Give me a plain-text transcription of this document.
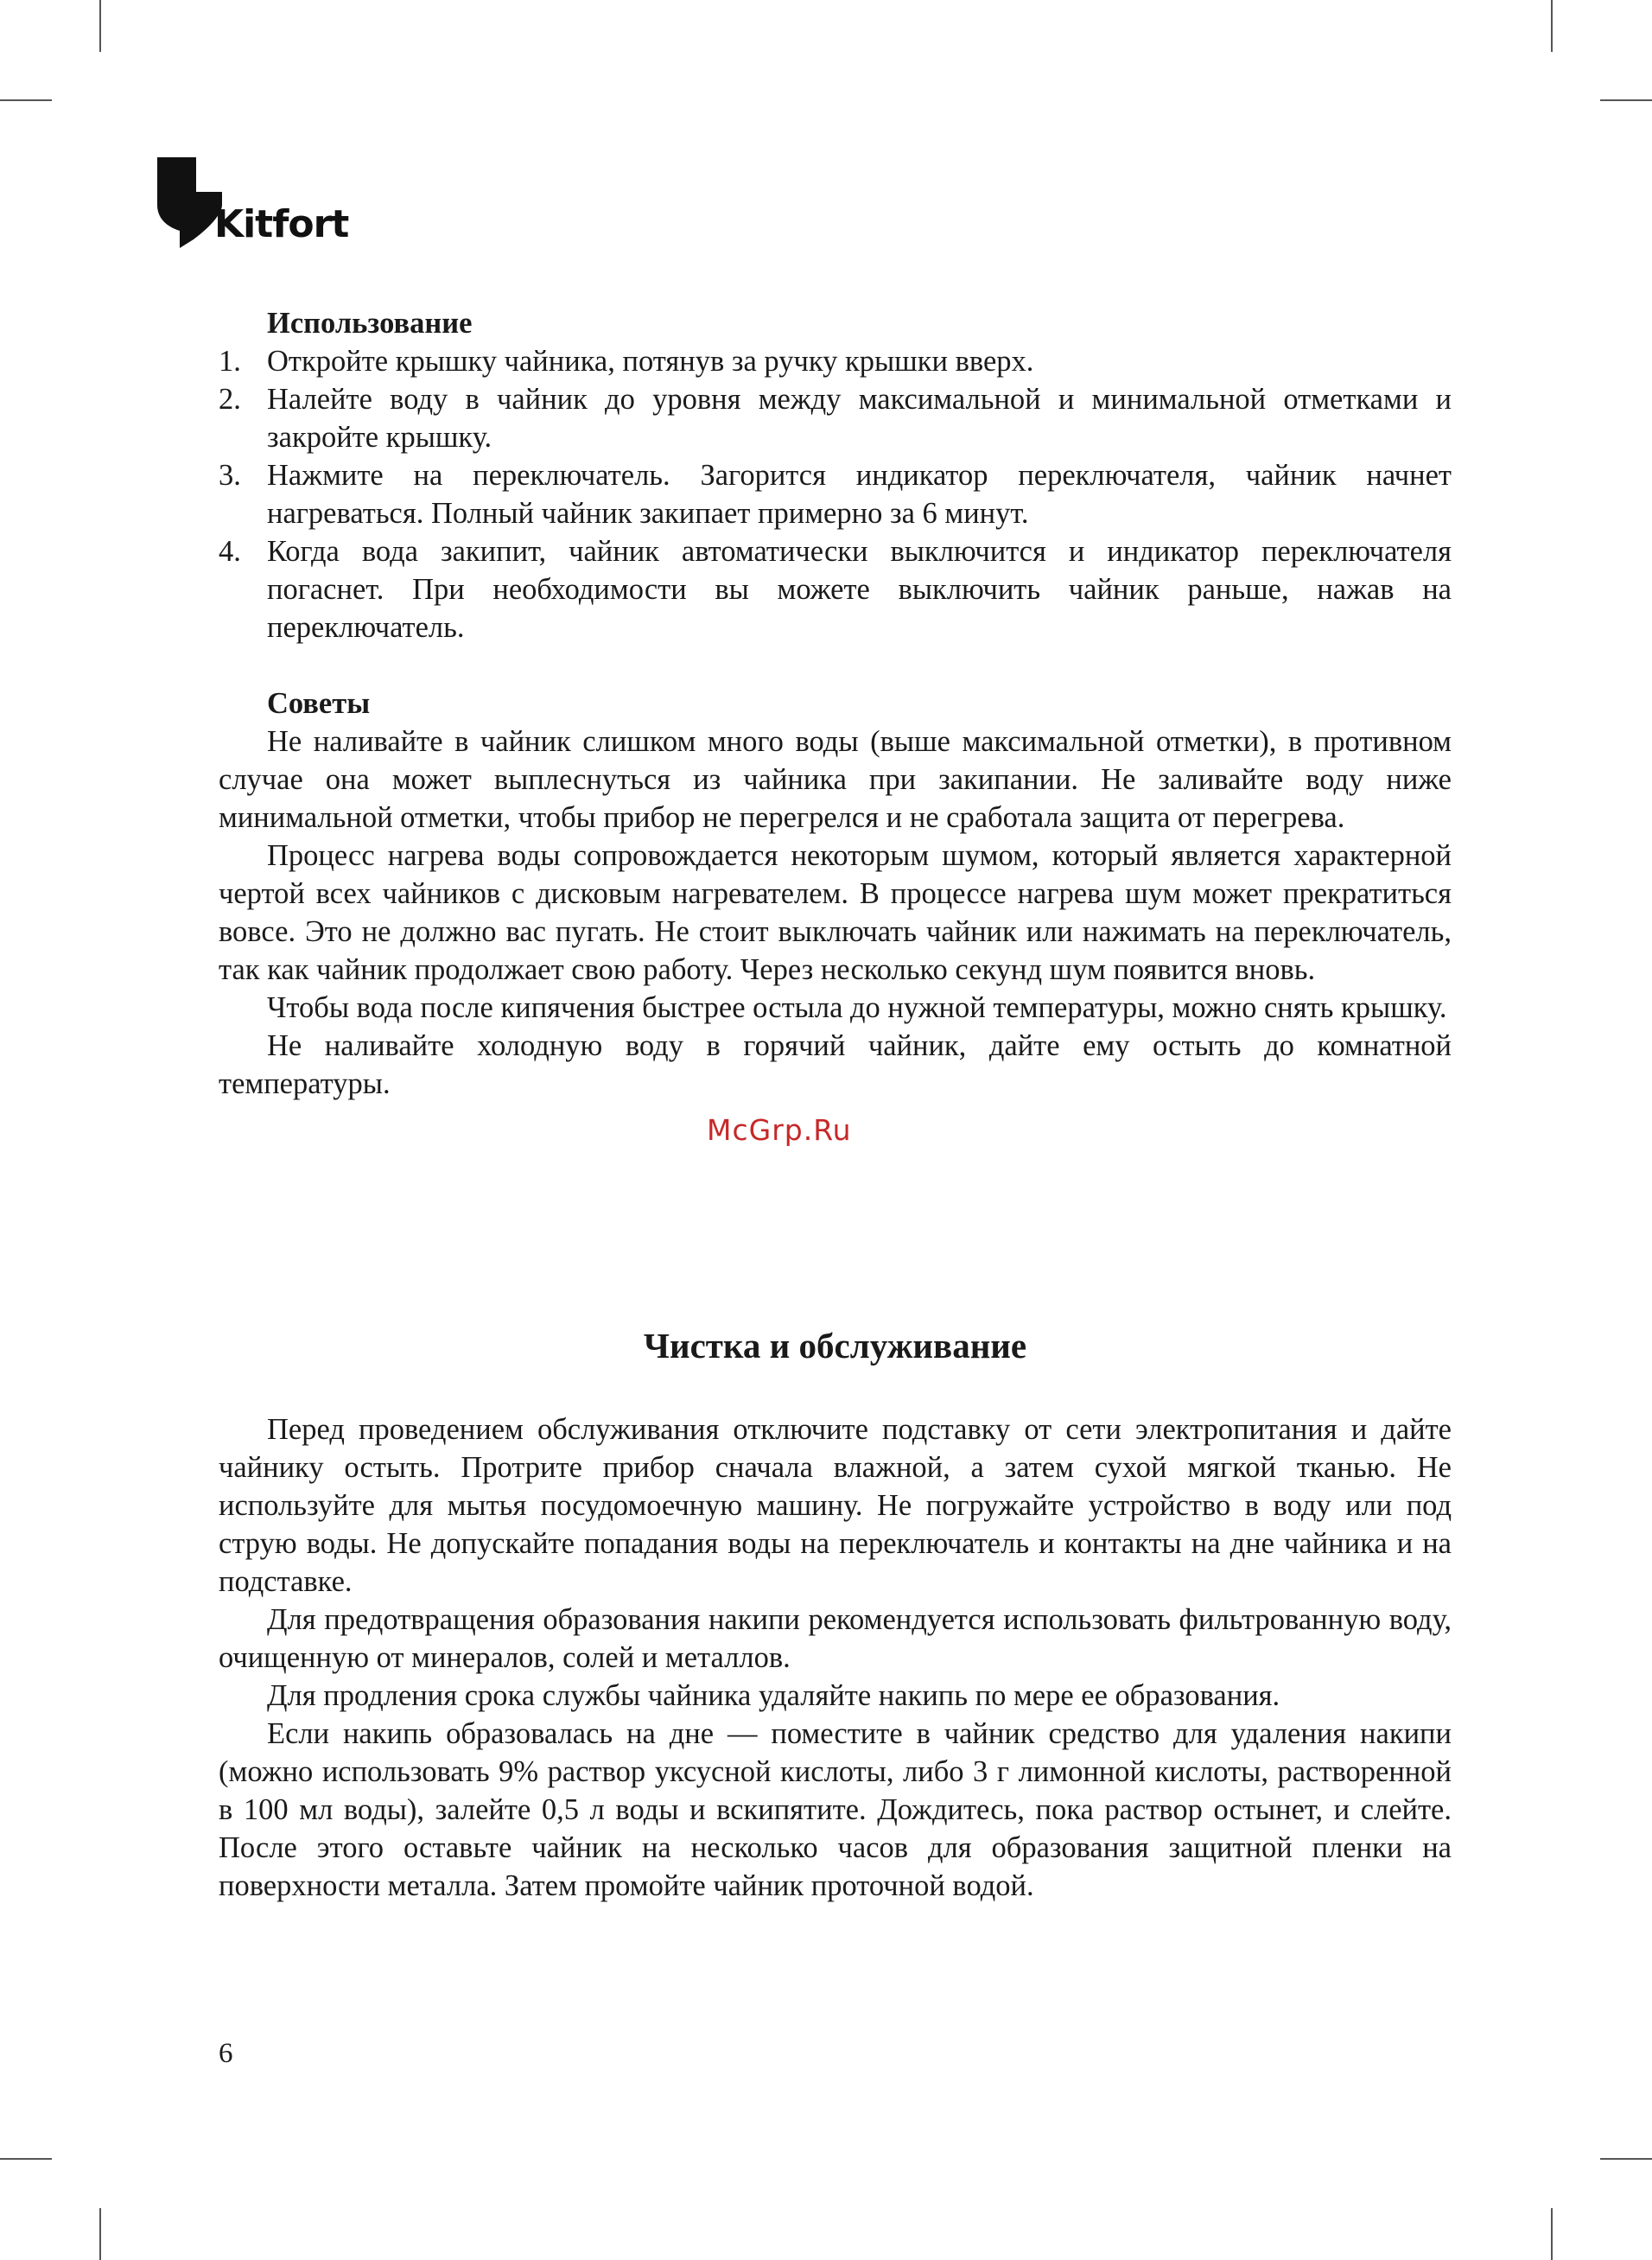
Kitfort

Использование

1. Откройте крышку чайника, потянув за ручку крышки вверх.
2. Налейте воду в чайник до уровня между максимальной и минимальной отметками и закройте крышку.
3. Нажмите на переключатель. Загорится индикатор переключателя, чайник начнет нагреваться. Полный чайник закипает примерно за 6 минут.
4. Когда вода закипит, чайник автоматически выключится и индикатор переключателя погаснет. При необходимости вы можете выключить чайник раньше, нажав на переключатель.

Советы

Не наливайте в чайник слишком много воды (выше максимальной отметки), в противном случае она может выплеснуться из чайника при закипании. Не заливайте воду ниже минимальной отметки, чтобы прибор не перегрелся и не сработала защита от перегрева.

Процесс нагрева воды сопровождается некоторым шумом, который является характерной чертой всех чайников с дисковым нагревателем. В процессе нагрева шум может прекратиться вовсе. Это не должно вас пугать. Не стоит выключать чайник или нажимать на переключатель, так как чайник продолжает свою работу. Через несколько секунд шум появится вновь.

Чтобы вода после кипячения быстрее остыла до нужной температуры, можно снять крышку.

Не наливайте холодную воду в горячий чайник, дайте ему остыть до комнатной температуры.

McGrp.Ru
Чистка и обслуживание

Перед проведением обслуживания отключите подставку от сети электропитания и дайте чайнику остыть. Протрите прибор сначала влажной, а затем сухой мягкой тканью. Не используйте для мытья посудомоечную машину. Не погружайте устройство в воду или под струю воды. Не допускайте попадания воды на переключатель и контакты на дне чайника и на подставке.

Для предотвращения образования накипи рекомендуется использовать фильтрованную воду, очищенную от минералов, солей и металлов.

Для продления срока службы чайника удаляйте накипь по мере ее образования.

Если накипь образовалась на дне — поместите в чайник средство для удаления накипи (можно использовать 9% раствор уксусной кислоты, либо 3 г лимонной кислоты, растворенной в 100 мл воды), залейте 0,5 л воды и вскипятите. Дождитесь, пока раствор остынет, и слейте. После этого оставьте чайник на несколько часов для образования защитной пленки на поверхности металла. Затем промойте чайник проточной водой.

6
